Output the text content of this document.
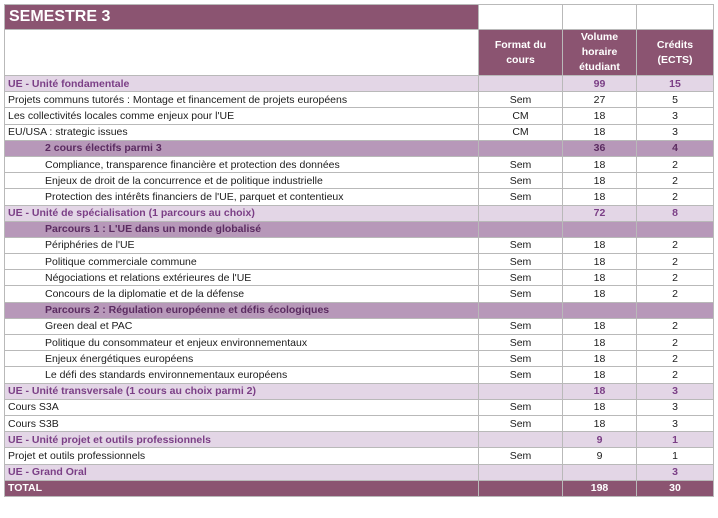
SEMESTRE 3			
	Format du cours	Volume horaire étudiant	Crédits (ECTS)
UE - Unité fondamentale		99	15
Projets communs tutorés : Montage et financement de projets européens	Sem	27	5
Les collectivités locales comme enjeux pour l'UE	CM	18	3
EU/USA : strategic issues	CM	18	3
2 cours électifs parmi 3		36	4
Compliance, transparence financière et protection des données	Sem	18	2
Enjeux de droit de la concurrence et de politique industrielle	Sem	18	2
Protection des intérêts financiers de l'UE, parquet et contentieux	Sem	18	2
UE - Unité de spécialisation (1 parcours au choix)		72	8
Parcours 1 : L'UE dans un monde globalisé			
Périphéries de l'UE	Sem	18	2
Politique commerciale commune	Sem	18	2
Négociations et relations extérieures de l'UE	Sem	18	2
Concours de la diplomatie et de la défense	Sem	18	2
Parcours 2 : Régulation européenne et défis écologiques			
Green deal et PAC	Sem	18	2
Politique du consommateur et enjeux environnementaux	Sem	18	2
Enjeux énergétiques européens	Sem	18	2
Le défi des standards environnementaux européens	Sem	18	2
UE - Unité transversale (1 cours au choix parmi 2)		18	3
Cours S3A	Sem	18	3
Cours S3B	Sem	18	3
UE - Unité projet et outils professionnels		9	1
Projet et outils professionnels	Sem	9	1
UE - Grand Oral			3
TOTAL		198	30
